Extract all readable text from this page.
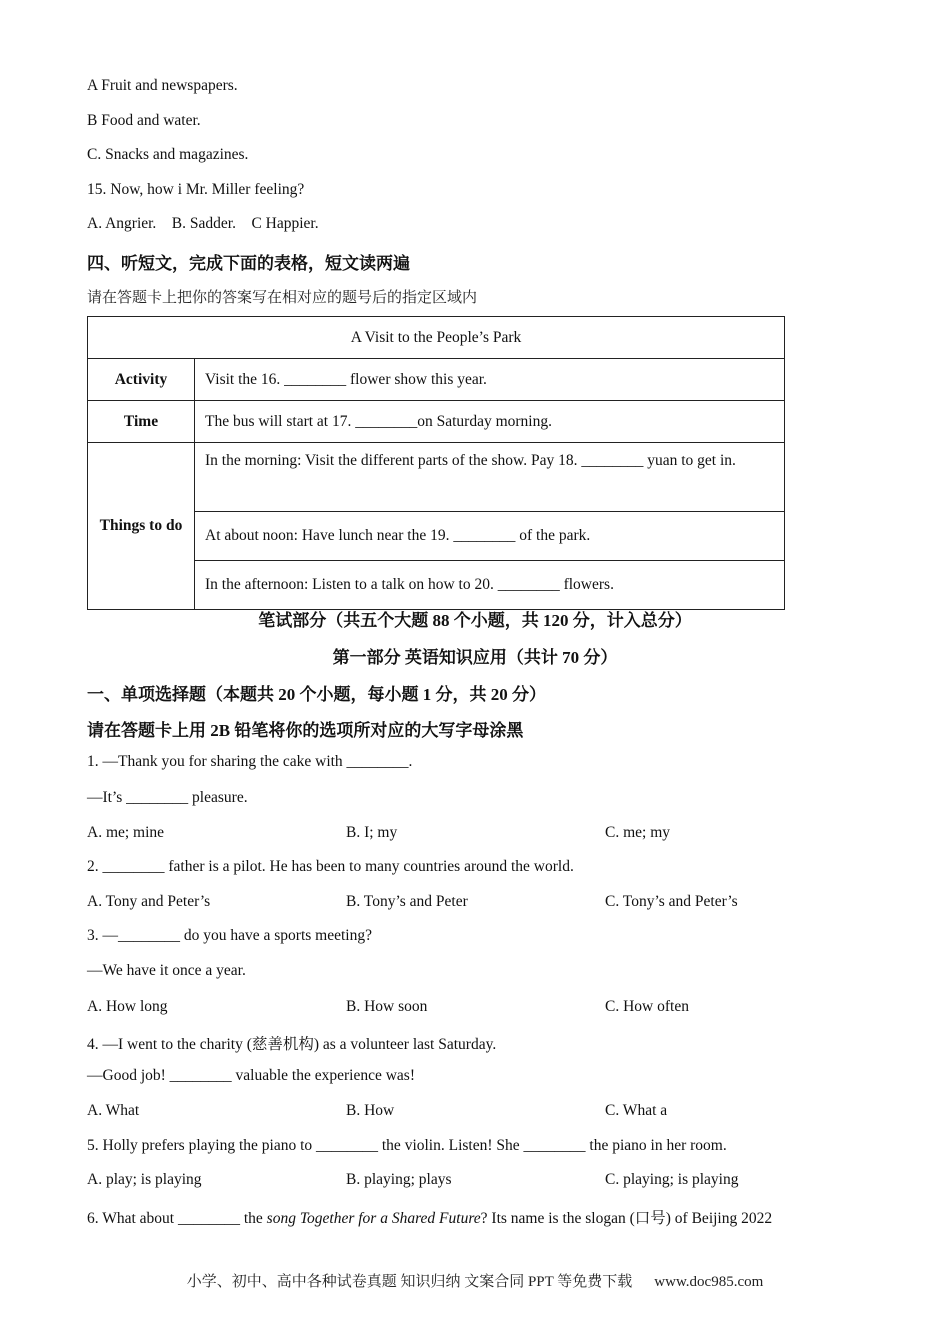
A Fruit and newspapers.
B Food and water.
C. Snacks and magazines.
15. Now, how i Mr. Miller feeling?
A. Angrier.    B. Sadder.    C Happier.
四、听短文，完成下面的表格，短文读两遍
请在答题卡上把你的答案写在相对应的题号后的指定区域内
A Visit to the People’s Park	
Activity	Visit the 16. ________ flower show this year.
Time	The bus will start at 17. ________on Saturday morning.
Things to do	In the morning: Visit the different parts of the show. Pay 18. ________ yuan to get in.
	At about noon: Have lunch near the 19. ________ of the park.
	In the afternoon: Listen to a talk on how to 20. ________ flowers.
笔试部分（共五个大题 88 个小题，共 120 分，计入总分）
第一部分 英语知识应用（共计 70 分）
一、单项选择题（本题共 20 个小题，每小题 1 分，共 20 分）
请在答题卡上用 2B 铅笔将你的选项所对应的大写字母涂黑
1. —Thank you for sharing the cake with ________.
—It’s ________ pleasure.
A. me; mine	B. I; my	C. me; my
2. ________ father is a pilot. He has been to many countries around the world.
A. Tony and Peter’s	B. Tony’s and Peter	C. Tony’s and Peter’s
3. —________ do you have a sports meeting?
—We have it once a year.
A. How long	B. How soon	C. How often
4. —I went to the charity (慈善机构) as a volunteer last Saturday.
—Good job! ________ valuable the experience was!
A. What	B. How	C. What a
5. Holly prefers playing the piano to ________ the violin. Listen! She ________ the piano in her room.
A. play; is playing	B. playing; plays	C. playing; is playing
6. What about ________ the song Together for a Shared Future? Its name is the slogan (口号) of Beijing 2022
小学、初中、高中各种试卷真题 知识归纳 文案合同 PPT 等免费下载 www.doc985.com
